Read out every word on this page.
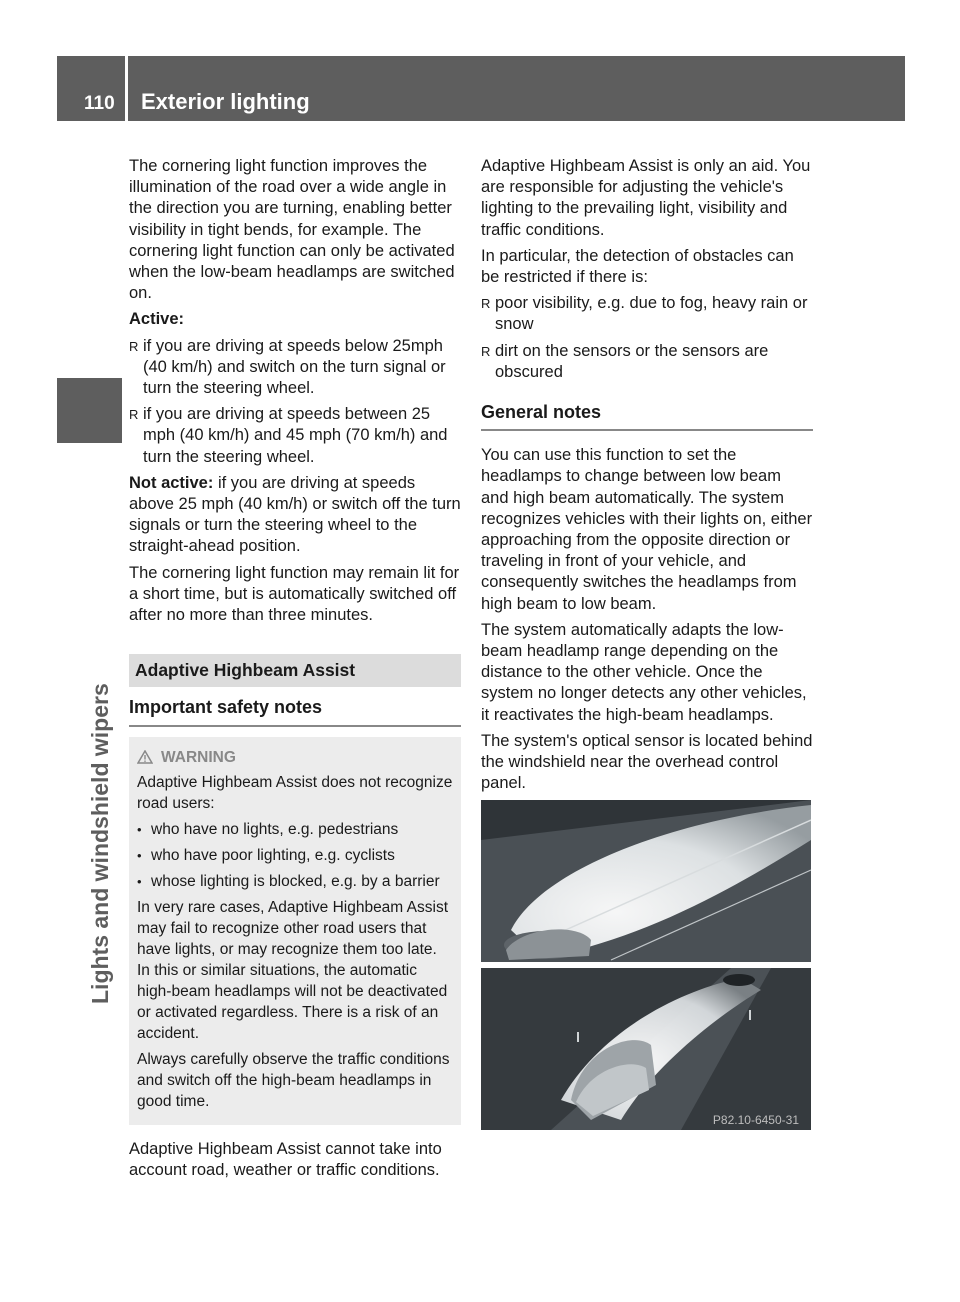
110 Exterior lighting
Lights and windshield wipers

The cornering light function improves the illumination of the road over a wide angle in the direction you are turning, enabling better visibility in tight bends, for example. The cornering light function can only be activated when the low-beam headlamps are switched on.

Active:

R if you are driving at speeds below 25mph (40 km/h) and switch on the turn signal or turn the steering wheel.
R if you are driving at speeds between 25 mph (40 km/h) and 45 mph (70 km/h) and turn the steering wheel.

Not active: if you are driving at speeds above 25 mph (40 km/h) or switch off the turn signals or turn the steering wheel to the straight-ahead position.

The cornering light function may remain lit for a short time, but is automatically switched off after no more than three minutes.

Adaptive Highbeam Assist
Important safety notes
WARNING

Adaptive Highbeam Assist does not recognize road users:

• who have no lights, e.g. pedestrians
• who have poor lighting, e.g. cyclists
• whose lighting is blocked, e.g. by a barrier

In very rare cases, Adaptive Highbeam Assist may fail to recognize other road users that have lights, or may recognize them too late. In this or similar situations, the automatic high-beam headlamps will not be deactivated or activated regardless. There is a risk of an accident.

Always carefully observe the traffic conditions and switch off the high-beam headlamps in good time.

Adaptive Highbeam Assist cannot take into account road, weather or traffic conditions.

Adaptive Highbeam Assist is only an aid. You are responsible for adjusting the vehicle's lighting to the prevailing light, visibility and traffic conditions.

In particular, the detection of obstacles can be restricted if there is:

R poor visibility, e.g. due to fog, heavy rain or snow
R dirt on the sensors or the sensors are obscured
General notes

You can use this function to set the headlamps to change between low beam and high beam automatically. The system recognizes vehicles with their lights on, either approaching from the opposite direction or traveling in front of your vehicle, and consequently switches the headlamps from high beam to low beam.

The system automatically adapts the low-beam headlamp range depending on the distance to the other vehicle. Once the system no longer detects any other vehicles, it reactivates the high-beam headlamps.

The system's optical sensor is located behind the windshield near the overhead control panel.

P82.10-6450-31
